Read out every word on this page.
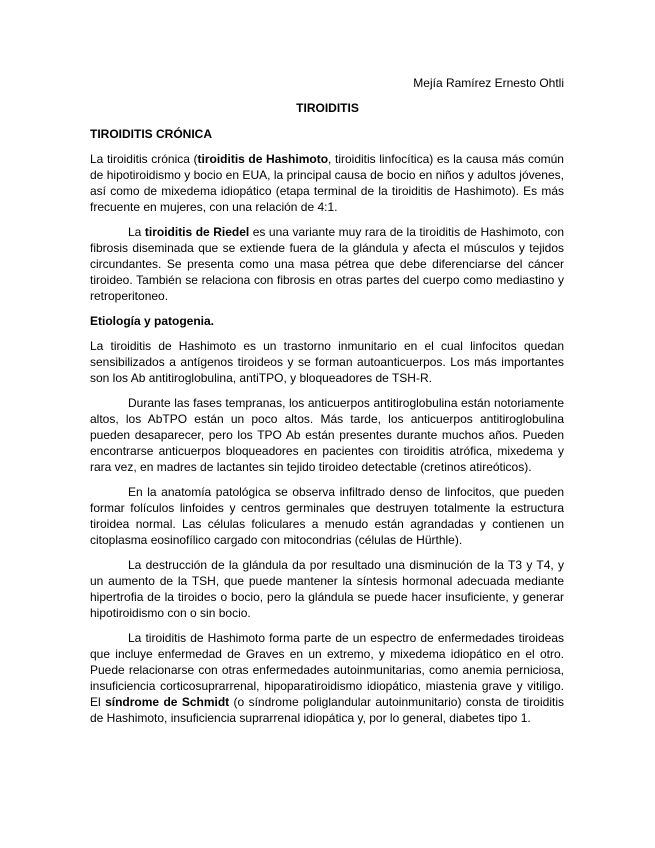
Mejía Ramírez Ernesto Ohtli
TIROIDITIS
TIROIDITIS CRÓNICA

La tiroiditis crónica (tiroiditis de Hashimoto, tiroiditis linfocítica) es la causa más común de hipotiroidismo y bocio en EUA, la principal causa de bocio en niños y adultos jóvenes, así como de mixedema idiopático (etapa terminal de la tiroiditis de Hashimoto). Es más frecuente en mujeres, con una relación de 4:1.

La tiroiditis de Riedel es una variante muy rara de la tiroiditis de Hashimoto, con fibrosis diseminada que se extiende fuera de la glándula y afecta el músculos y tejidos circundantes. Se presenta como una masa pétrea que debe diferenciarse del cáncer tiroideo. También se relaciona con fibrosis en otras partes del cuerpo como mediastino y retroperitoneo.

Etiología y patogenia.

La tiroiditis de Hashimoto es un trastorno inmunitario en el cual linfocitos quedan sensibilizados a antígenos tiroideos y se forman autoanticuerpos. Los más importantes son los Ab antitiroglobulina, antiTPO, y bloqueadores de TSH-R.

Durante las fases tempranas, los anticuerpos antitiroglobulina están notoriamente altos, los AbTPO están un poco altos. Más tarde, los anticuerpos antitiroglobulina pueden desaparecer, pero los TPO Ab están presentes durante muchos años. Pueden encontrarse anticuerpos bloqueadores en pacientes con tiroiditis atrófica, mixedema y rara vez, en madres de lactantes sin tejido tiroideo detectable (cretinos atireóticos).

En la anatomía patológica se observa infiltrado denso de linfocitos, que pueden formar folículos linfoides y centros germinales que destruyen totalmente la estructura tiroidea normal. Las células foliculares a menudo están agrandadas y contienen un citoplasma eosinofílico cargado con mitocondrias (células de Hürthle).

La destrucción de la glándula da por resultado una disminución de la T3 y T4, y un aumento de la TSH, que puede mantener la síntesis hormonal adecuada mediante hipertrofia de la tiroides o bocio, pero la glándula se puede hacer insuficiente, y generar hipotiroidismo con o sin bocio.

La tiroiditis de Hashimoto forma parte de un espectro de enfermedades tiroideas que incluye enfermedad de Graves en un extremo, y mixedema idiopático en el otro. Puede relacionarse con otras enfermedades autoinmunitarias, como anemia perniciosa, insuficiencia corticosuprarrenal, hipoparatiroidismo idiopático, miastenia grave y vitiligo. El síndrome de Schmidt (o síndrome poliglandular autoinmunitario) consta de tiroiditis de Hashimoto, insuficiencia suprarrenal idiopática y, por lo general, diabetes tipo 1.
